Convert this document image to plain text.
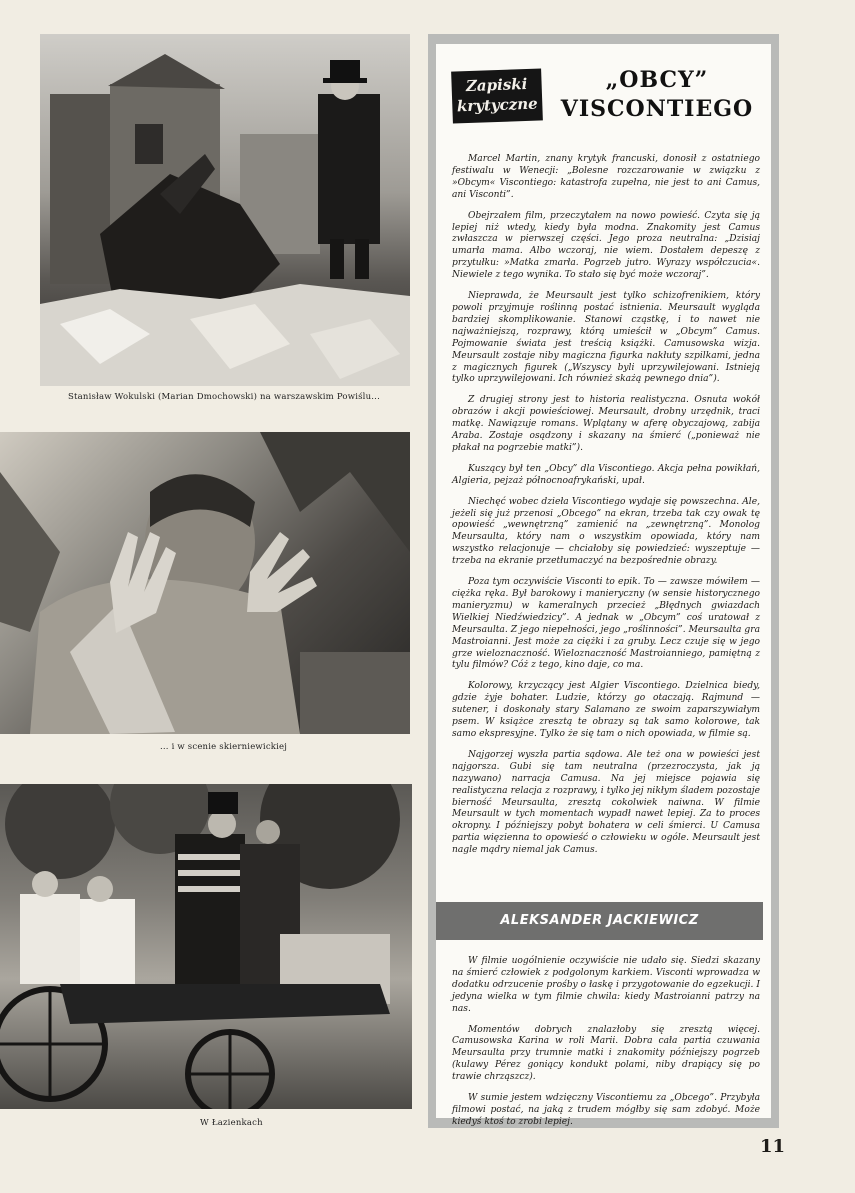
Stanisław Wokulski (Marian Dmochowski) na warszawskim Powiślu...
... i w scenie skierniewickiej
W Łazienkach
Zapiski
krytyczne
„OBCY”
VISCONTIEGO

Marcel Martin, znany krytyk francuski, donosił z ostatniego festiwalu w Wenecji: „Bolesne rozczarowanie w związku z »Obcym« Viscontiego: katastrofa zupełna, nie jest to ani Camus, ani Visconti”.

Obejrzałem film, przeczytałem na nowo powieść. Czyta się ją lepiej niż wtedy, kiedy była modna. Znakomity jest Camus zwłaszcza w pierwszej części. Jego proza neutralna: „Dzisiaj umarła mama. Albo wczoraj, nie wiem. Dostałem depeszę z przytułku: »Matka zmarła. Pogrzeb jutro. Wyrazy współczucia«. Niewiele z tego wynika. To stało się być może wczoraj”.

Nieprawda, że Meursault jest tylko schizofrenikiem, który powoli przyjmuje roślinną postać istnienia. Meursault wygląda bardziej skomplikowanie. Stanowi cząstkę, i to nawet nie najważniejszą, rozprawy, którą umieścił w „Obcym” Camus. Pojmowanie świata jest treścią książki. Camusowska wizja. Meursault zostaje niby magiczna figurka nakłuty szpilkami, jedna z magicznych figurek („Wszyscy byli uprzywilejowani. Istnieją tylko uprzywilejowani. Ich również skażą pewnego dnia”).

Z drugiej strony jest to historia realistyczna. Osnuta wokół obrazów i akcji powieściowej. Meursault, drobny urzędnik, traci matkę. Nawiązuje romans. Wplątany w aferę obyczajową, zabija Araba. Zostaje osądzony i skazany na śmierć („ponieważ nie płakał na pogrzebie matki”).

Kuszący był ten „Obcy” dla Viscontiego. Akcja pełna powikłań, Algieria, pejzaż północnoafrykański, upał.

Niechęć wobec dzieła Viscontiego wydaje się powszechna. Ale, jeżeli się już przenosi „Obcego” na ekran, trzeba tak czy owak tę opowieść „wewnętrzną” zamienić na „zewnętrzną”. Monolog Meursaulta, który nam o wszystkim opowiada, który nam wszystko relacjonuje — chciałoby się powiedzieć: wyszeptuje — trzeba na ekranie przetłumaczyć na bezpośrednie obrazy.

Poza tym oczywiście Visconti to epik. To — zawsze mówiłem — ciężka ręka. Był barokowy i manieryczny (w sensie historycznego manieryzmu) w kameralnych przecież „Błędnych gwiazdach Wielkiej Niedźwiedzicy”. A jednak w „Obcym” coś uratował z Meursaulta. Z jego niepełności, jego „roślinności”. Meursaulta gra Mastroianni. Jest może za ciężki i za gruby. Lecz czuje się w jego grze wieloznaczność. Wieloznaczność Mastroianniego, pamiętną z tylu filmów? Cóż z tego, kino daje, co ma.

Kolorowy, krzyczący jest Algier Viscontiego. Dzielnica biedy, gdzie żyje bohater. Ludzie, którzy go otaczają. Rajmund — sutener, i doskonały stary Salamano ze swoim zaparszywiałym psem. W książce zresztą te obrazy są tak samo kolorowe, tak samo ekspresyjne. Tylko że się tam o nich opowiada, w filmie są.

Najgorzej wyszła partia sądowa. Ale też ona w powieści jest najgorsza. Gubi się tam neutralna (przezroczysta, jak ją nazywano) narracja Camusa. Na jej miejsce pojawia się realistyczna relacja z rozprawy, i tylko jej nikłym śladem pozostaje bierność Meursaulta, zresztą cokolwiek naiwna. W filmie Meursault w tych momentach wypadł nawet lepiej. Za to proces okropny. I późniejszy pobyt bohatera w celi śmierci. U Camusa partia więzienna to opowieść o człowieku w ogóle. Meursault jest nagle mądry niemal jak Camus.

ALEKSANDER JACKIEWICZ

W filmie uogólnienie oczywiście nie udało się. Siedzi skazany na śmierć człowiek z podgolonym karkiem. Visconti wprowadza w dodatku odrzucenie prośby o łaskę i przygotowanie do egzekucji. I jedyna wielka w tym filmie chwila: kiedy Mastroianni patrzy na nas.

Momentów dobrych znalazłoby się zresztą więcej. Camusowska Karina w roli Marii. Dobra cała partia czuwania Meursaulta przy trumnie matki i znakomity późniejszy pogrzeb (kulawy Pérez goniący kondukt polami, niby drapiący się po trawie chrząszcz).

W sumie jestem wdzięczny Viscontiemu za „Obcego”. Przybyła filmowi postać, na jaką z trudem mógłby się sam zdobyć. Może kiedyś ktoś to zrobi lepiej.

11
